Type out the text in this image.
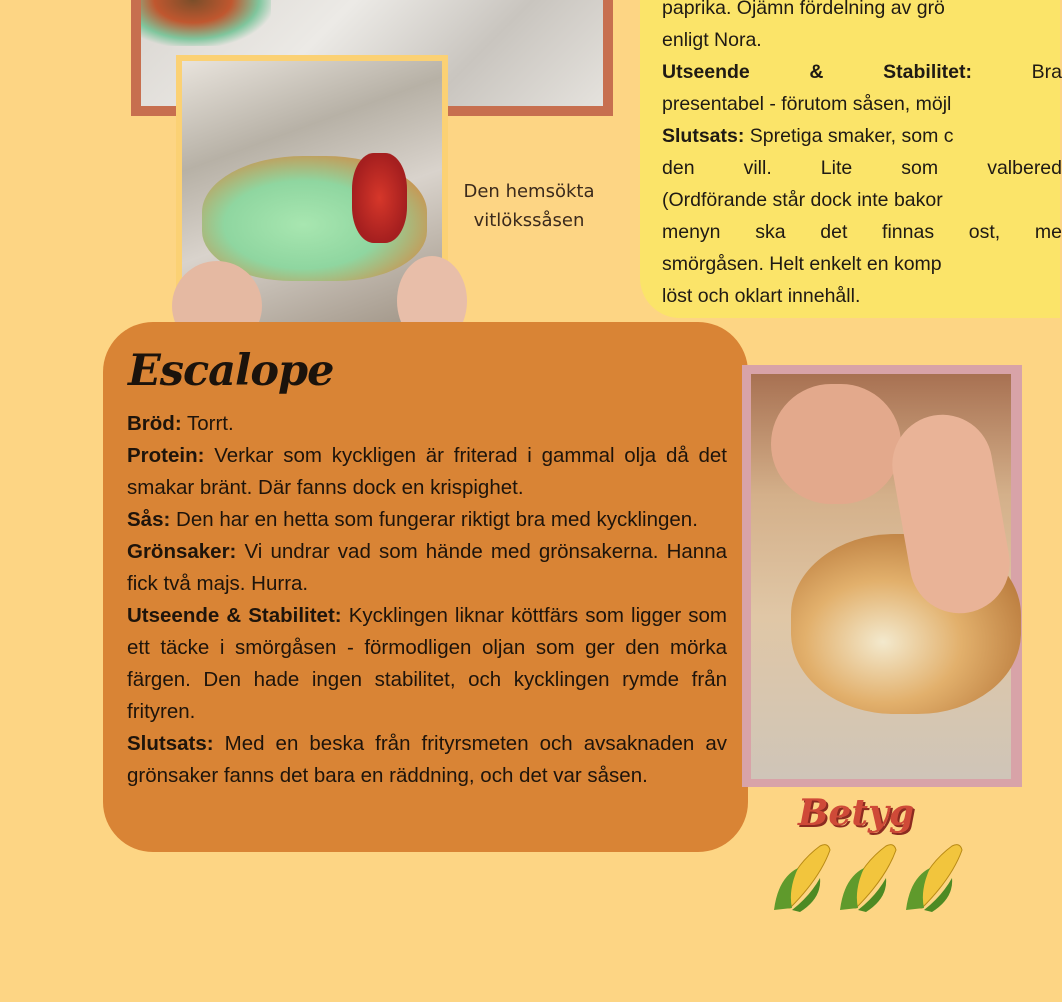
Den hemsökta
vitlökssåsen
paprika. Ojämn fördelning av grö
enligt Nora.
Utseende & Stabilitet:	Bra
presentabel - förutom såsen, möjl
Slutsats: Spretiga smaker, som c
den vill. Lite som valbered
(Ordförande står dock inte bakor
menyn ska det finnas ost, me
smörgåsen. Helt enkelt en komp
löst och oklart innehåll.
Escalope

Bröd: Torrt.

Protein: Verkar som kyckligen är friterad i gammal olja då det smakar bränt. Där fanns dock en krispighet.

Sås: Den har en hetta som fungerar riktigt bra med kycklingen.

Grönsaker: Vi undrar vad som hände med grönsakerna. Hanna fick två majs. Hurra.

Utseende & Stabilitet: Kycklingen liknar köttfärs som ligger som ett täcke i smörgåsen - förmodligen oljan som ger den mörka färgen. Den hade ingen stabilitet, och kycklingen rymde från frityren.

Slutsats: Med en beska från frityrsmeten och avsaknaden av grönsaker fanns det bara en räddning, och det var såsen.

Betyg
